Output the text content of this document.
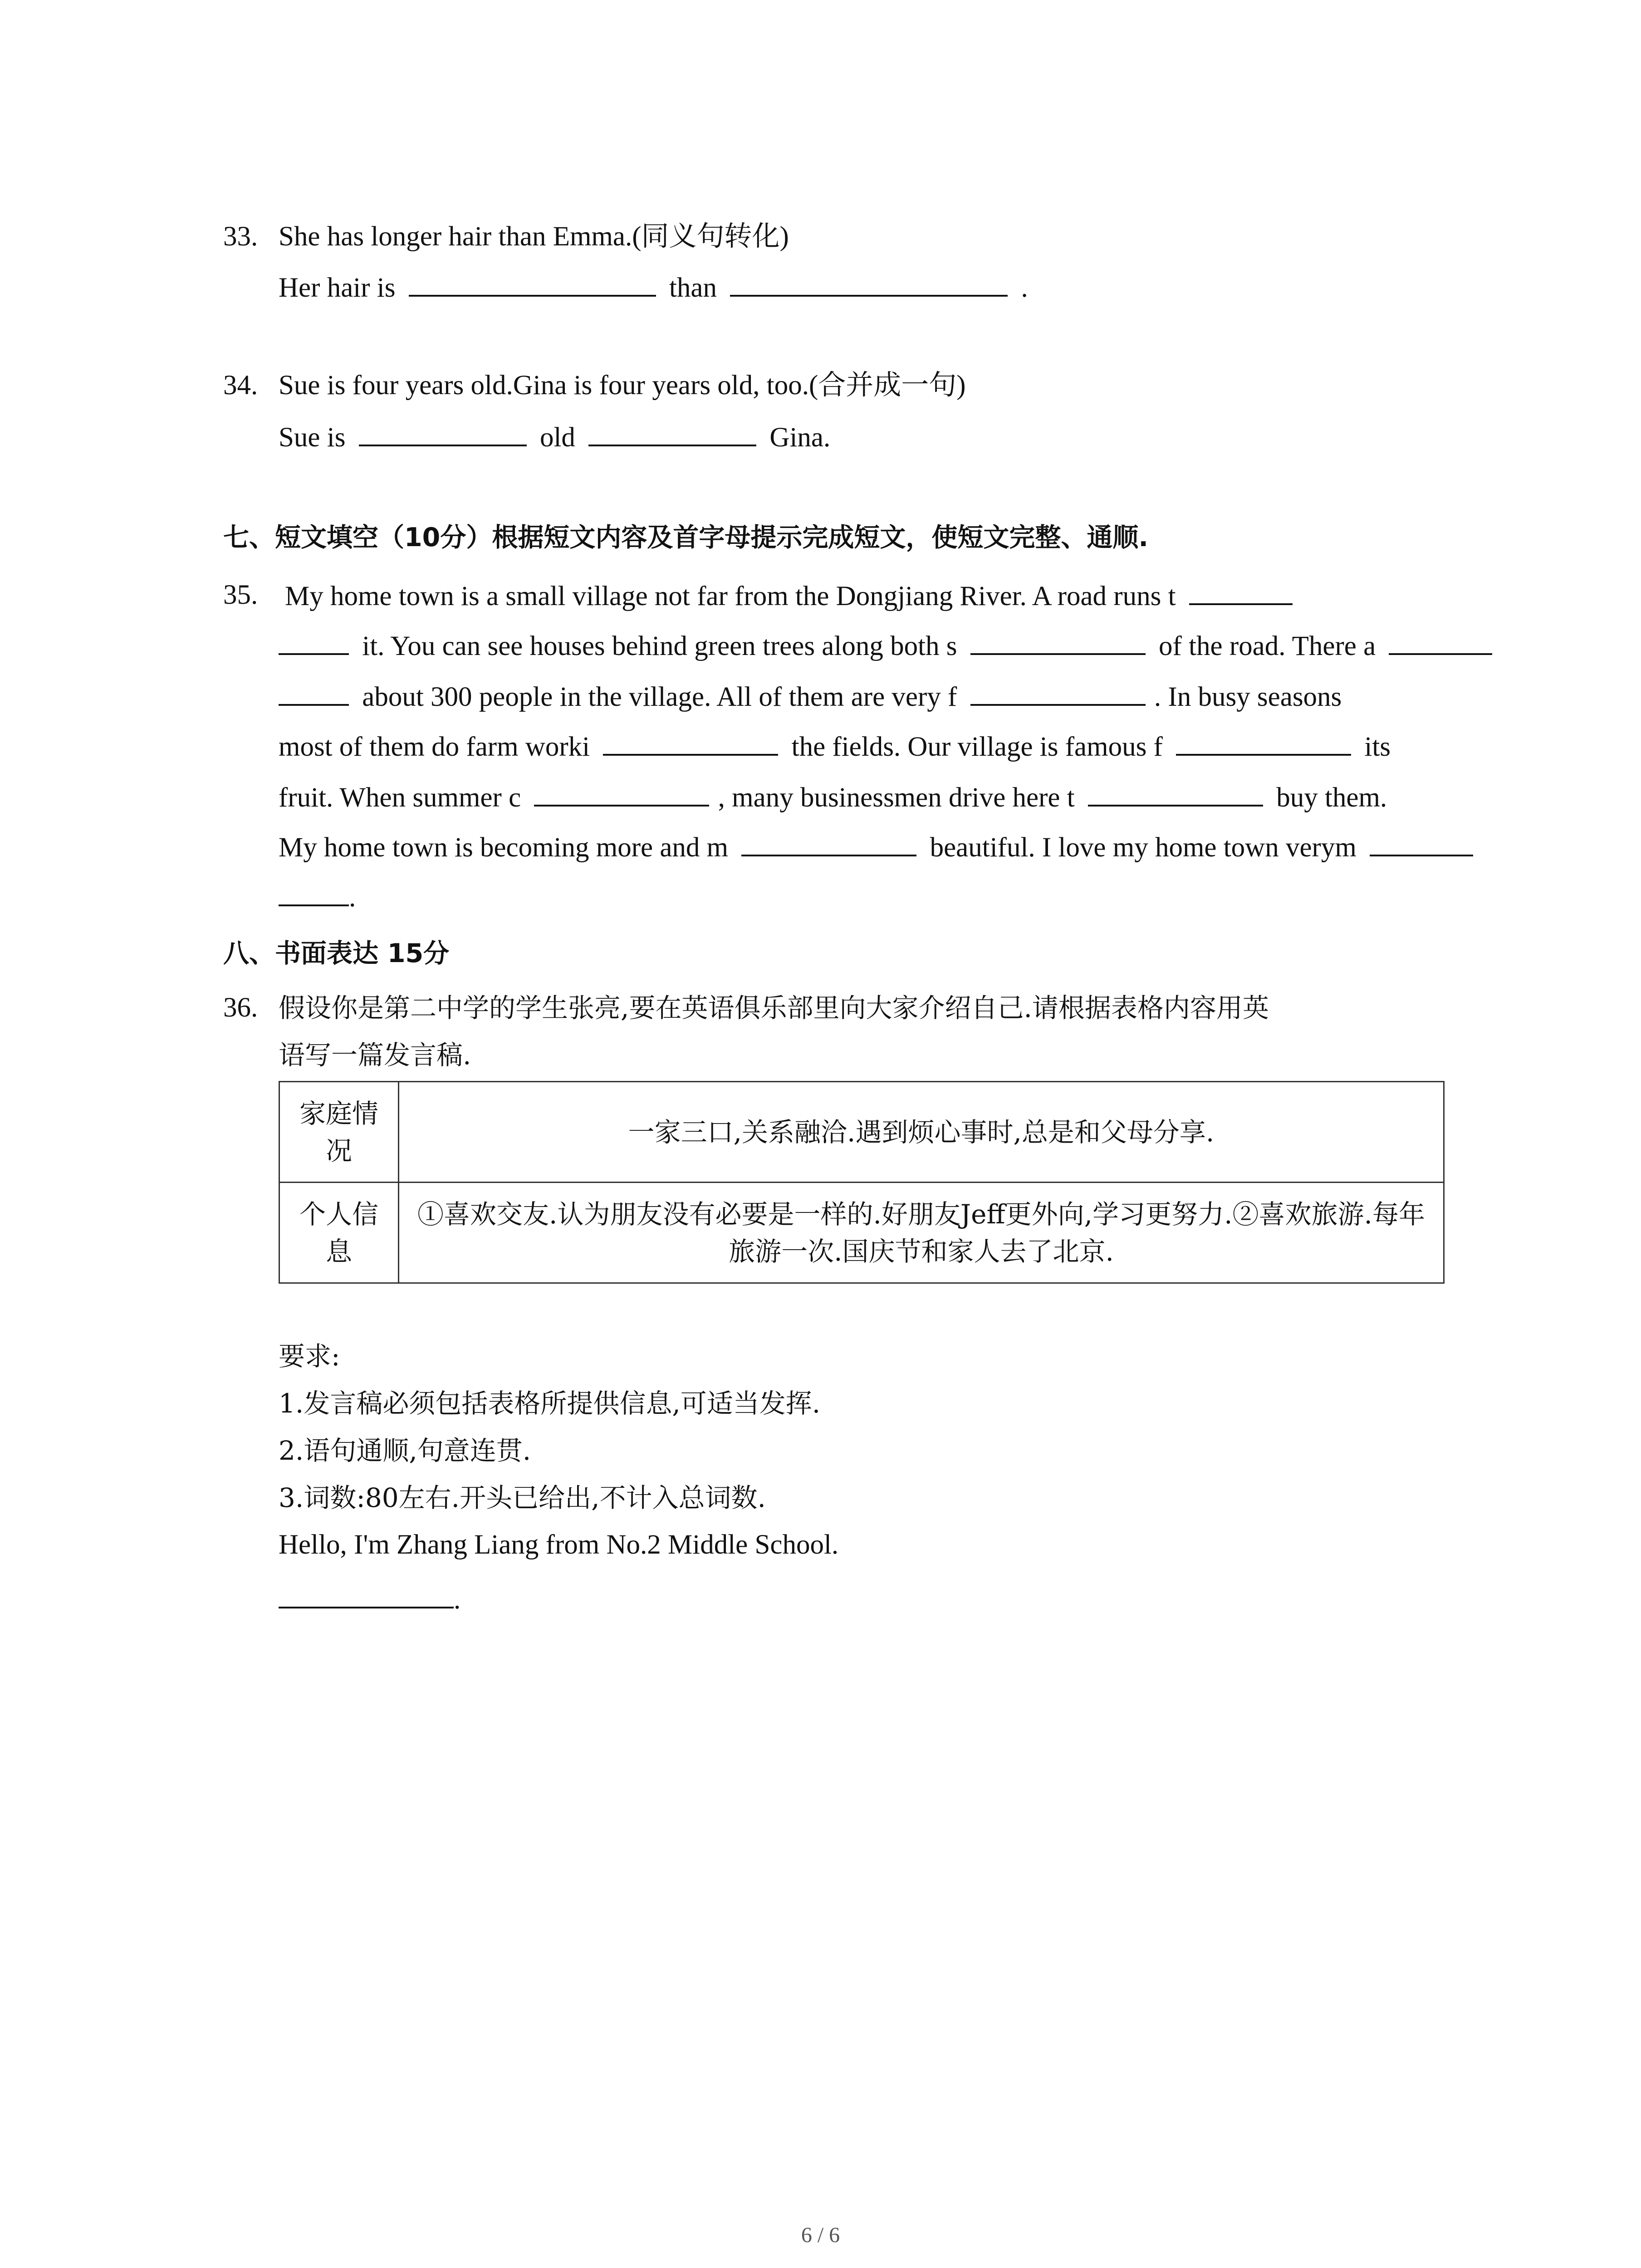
33. She has longer hair than Emma.(同义句转化)
Her hair is	than	.
34. Sue is four years old.Gina is four years old, too.(合并成一句)
Sue is	old	Gina.
七、短文填空（10分）根据短文内容及首字母提示完成短文，使短文完整、通顺.
35. My home town is a small village not far from the Dongjiang River. A road runs t
it. You can see houses behind green trees along both s	of the road. There a
about 300 people in the village. All of them are very f	. In busy seasons
most of them do farm worki	the fields. Our village is famous f	its
fruit. When summer c	, many businessmen drive here t	buy them.
My home town is becoming more and m	beautiful. I love my home town verym
.
八、书面表达 15分
36. 假设你是第二中学的学生张亮,要在英语俱乐部里向大家介绍自己.请根据表格内容用英
语写一篇发言稿.
家庭情况	一家三口,关系融洽.遇到烦心事时,总是和父母分享.
个人信息	①喜欢交友.认为朋友没有必要是一样的.好朋友Jeff更外向,学习更努力.②喜欢旅游.每年旅游一次.国庆节和家人去了北京.
要求:
1.发言稿必须包括表格所提供信息,可适当发挥.
2.语句通顺,句意连贯.
3.词数:80左右.开头已给出,不计入总词数.
Hello, I'm Zhang Liang from No.2 Middle School.
.
6 / 6
